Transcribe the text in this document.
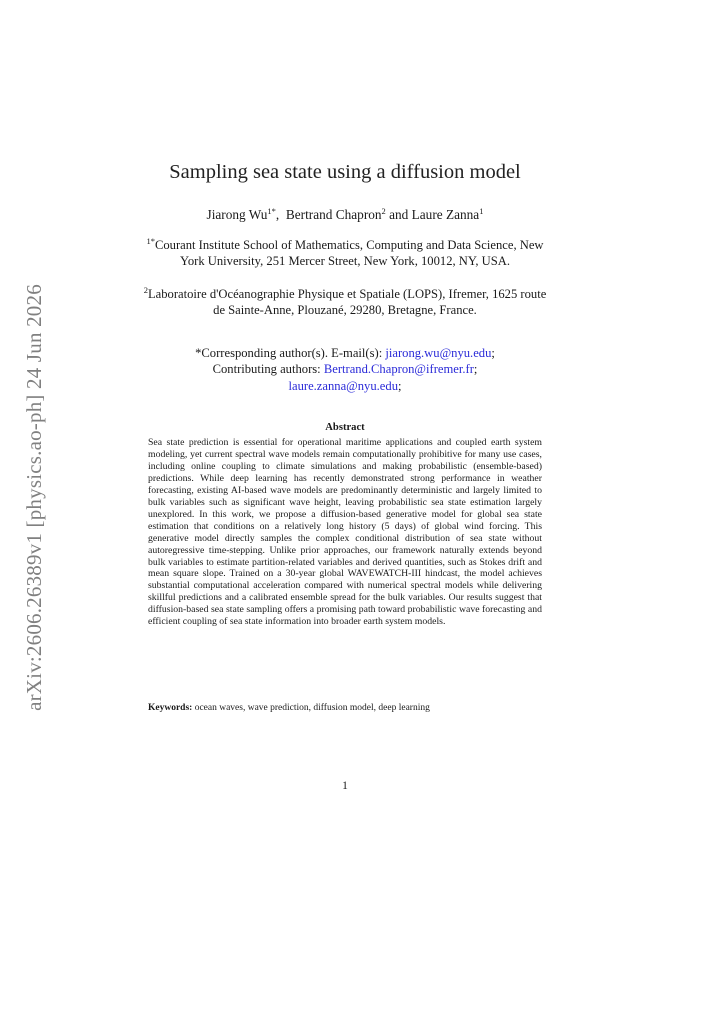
arXiv:2606.26389v1 [physics.ao-ph] 24 Jun 2026
Sampling sea state using a diffusion model
Jiarong $Wu^{1*}$,  Bertrand Chapron$^2$ and Laure Zanna$^1$
$^{1*}$Courant Institute School of Mathematics, Computing and Data Science, New York University, 251 Mercer Street, New York, 10012, NY, USA.
$^2$Laboratoire d'Océanographie Physique et Spatiale (LOPS), Ifremer, 1625 route de Sainte-Anne, Plouzané, 29280, Bretagne, France.
*Corresponding author(s). E-mail(s): jiarong.wu@nyu.edu;
Contributing authors: Bertrand.Chapron@ifremer.fr;
laure.zanna@nyu.edu;
Abstract
Sea state prediction is essential for operational maritime applications and coupled earth system modeling, yet current spectral wave models remain computationally prohibitive for many use cases, including online coupling to climate simulations and making probabilistic (ensemble-based) predictions. While deep learning has recently demonstrated strong performance in weather forecasting, existing AI-based wave models are predominantly deterministic and largely limited to bulk variables such as significant wave height, leaving probabilistic sea state estimation largely unexplored. In this work, we propose a diffusion-based generative model for global sea state estimation that conditions on a relatively long history (5 days) of global wind forcing. This generative model directly samples the complex conditional distribution of sea state without autoregressive time-stepping. Unlike prior approaches, our framework naturally extends beyond bulk variables to estimate partition-related variables and derived quantities, such as Stokes drift and mean square slope. Trained on a 30-year global WAVEWATCH-III hindcast, the model achieves substantial computational acceleration compared with numerical spectral models while delivering skillful predictions and a calibrated ensemble spread for the bulk variables. Our results suggest that diffusion-based sea state sampling offers a promising path toward probabilistic wave forecasting and efficient coupling of sea state information into broader earth system models.
Keywords: ocean waves, wave prediction, diffusion model, deep learning
1
